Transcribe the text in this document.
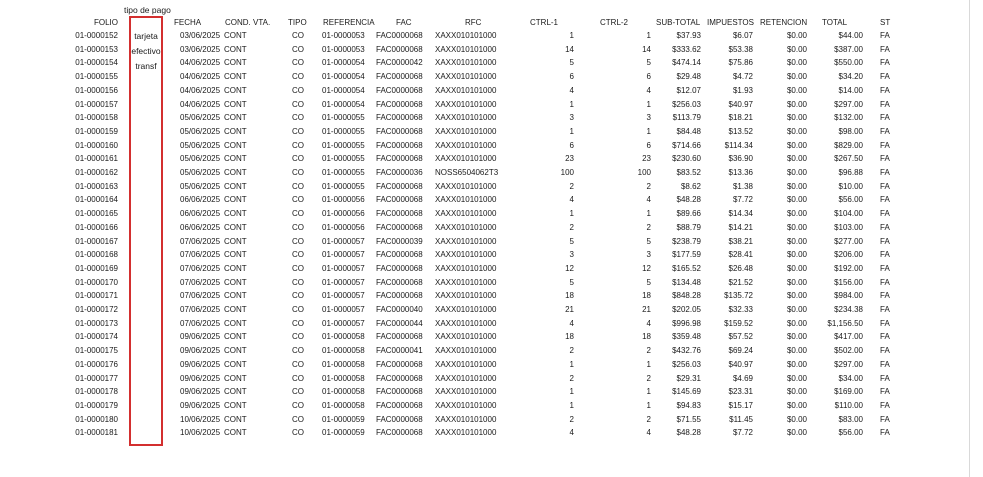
FOLIO	FECHA	COND. VTA. TIPO REFERENCIA	FAC	RFC	CTRL-1	CTRL-2	SUB-TOTAL IMPUESTOS RETENCION TOTAL	ST
01-0000152	03/06/2025 CONT	CO	01-0000053	FAC0000068	XAXX010101000	1	1	$37.93	$6.07	$0.00	$44.00 FA
01-0000153	03/06/2025 CONT	CO	01-0000053	FAC0000068	XAXX010101000	14	14	$333.62	$53.38	$0.00	$387.00 FA
01-0000154	04/06/2025 CONT	CO	01-0000054	FAC0000042	XAXX010101000	5	5	$474.14	$75.86	$0.00	$550.00 FA
01-0000155	04/06/2025 CONT	CO	01-0000054	FAC0000068	XAXX010101000	6	6	$29.48	$4.72	$0.00	$34.20 FA
01-0000156	04/06/2025 CONT	CO	01-0000054	FAC0000068	XAXX010101000	4	4	$12.07	$1.93	$0.00	$14.00 FA
01-0000157	04/06/2025 CONT	CO	01-0000054	FAC0000068	XAXX010101000	1	1	$256.03	$40.97	$0.00	$297.00 FA
01-0000158	05/06/2025 CONT	CO	01-0000055	FAC0000068	XAXX010101000	3	3	$113.79	$18.21	$0.00	$132.00 FA
01-0000159	05/06/2025 CONT	CO	01-0000055	FAC0000068	XAXX010101000	1	1	$84.48	$13.52	$0.00	$98.00 FA
01-0000160	05/06/2025 CONT	CO	01-0000055	FAC0000068	XAXX010101000	6	6	$714.66	$114.34	$0.00	$829.00 FA
01-0000161	05/06/2025 CONT	CO	01-0000055	FAC0000068	XAXX010101000	23	23	$230.60	$36.90	$0.00	$267.50 FA
01-0000162	05/06/2025 CONT	CO	01-0000055	FAC0000036	NOSS6504062T3	100	100	$83.52	$13.36	$0.00	$96.88 FA
01-0000163	05/06/2025 CONT	CO	01-0000055	FAC0000068	XAXX010101000	2	2	$8.62	$1.38	$0.00	$10.00 FA
01-0000164	06/06/2025 CONT	CO	01-0000056	FAC0000068	XAXX010101000	4	4	$48.28	$7.72	$0.00	$56.00 FA
01-0000165	06/06/2025 CONT	CO	01-0000056	FAC0000068	XAXX010101000	1	1	$89.66	$14.34	$0.00	$104.00 FA
01-0000166	06/06/2025 CONT	CO	01-0000056	FAC0000068	XAXX010101000	2	2	$88.79	$14.21	$0.00	$103.00 FA
01-0000167	07/06/2025 CONT	CO	01-0000057	FAC0000039	XAXX010101000	5	5	$238.79	$38.21	$0.00	$277.00 FA
01-0000168	07/06/2025 CONT	CO	01-0000057	FAC0000068	XAXX010101000	3	3	$177.59	$28.41	$0.00	$206.00 FA
01-0000169	07/06/2025 CONT	CO	01-0000057	FAC0000068	XAXX010101000	12	12	$165.52	$26.48	$0.00	$192.00 FA
01-0000170	07/06/2025 CONT	CO	01-0000057	FAC0000068	XAXX010101000	5	5	$134.48	$21.52	$0.00	$156.00 FA
01-0000171	07/06/2025 CONT	CO	01-0000057	FAC0000068	XAXX010101000	18	18	$848.28	$135.72	$0.00	$984.00 FA
01-0000172	07/06/2025 CONT	CO	01-0000057	FAC0000040	XAXX010101000	21	21	$202.05	$32.33	$0.00	$234.38 FA
01-0000173	07/06/2025 CONT	CO	01-0000057	FAC0000044	XAXX010101000	4	4	$996.98	$159.52	$0.00	$1,156.50 FA
01-0000174	09/06/2025 CONT	CO	01-0000058	FAC0000068	XAXX010101000	18	18	$359.48	$57.52	$0.00	$417.00 FA
01-0000175	09/06/2025 CONT	CO	01-0000058	FAC0000041	XAXX010101000	2	2	$432.76	$69.24	$0.00	$502.00 FA
01-0000176	09/06/2025 CONT	CO	01-0000058	FAC0000068	XAXX010101000	1	1	$256.03	$40.97	$0.00	$297.00 FA
01-0000177	09/06/2025 CONT	CO	01-0000058	FAC0000068	XAXX010101000	2	2	$29.31	$4.69	$0.00	$34.00 FA
01-0000178	09/06/2025 CONT	CO	01-0000058	FAC0000068	XAXX010101000	1	1	$145.69	$23.31	$0.00	$169.00 FA
01-0000179	09/06/2025 CONT	CO	01-0000058	FAC0000068	XAXX010101000	1	1	$94.83	$15.17	$0.00	$110.00 FA
01-0000180	10/06/2025 CONT	CO	01-0000059	FAC0000068	XAXX010101000	2	2	$71.55	$11.45	$0.00	$83.00 FA
01-0000181	10/06/2025 CONT	CO	01-0000059	FAC0000068	XAXX010101000	4	4	$48.28	$7.72	$0.00	$56.00 FA
tipo de pago
tarjeta
efectivo
transf
